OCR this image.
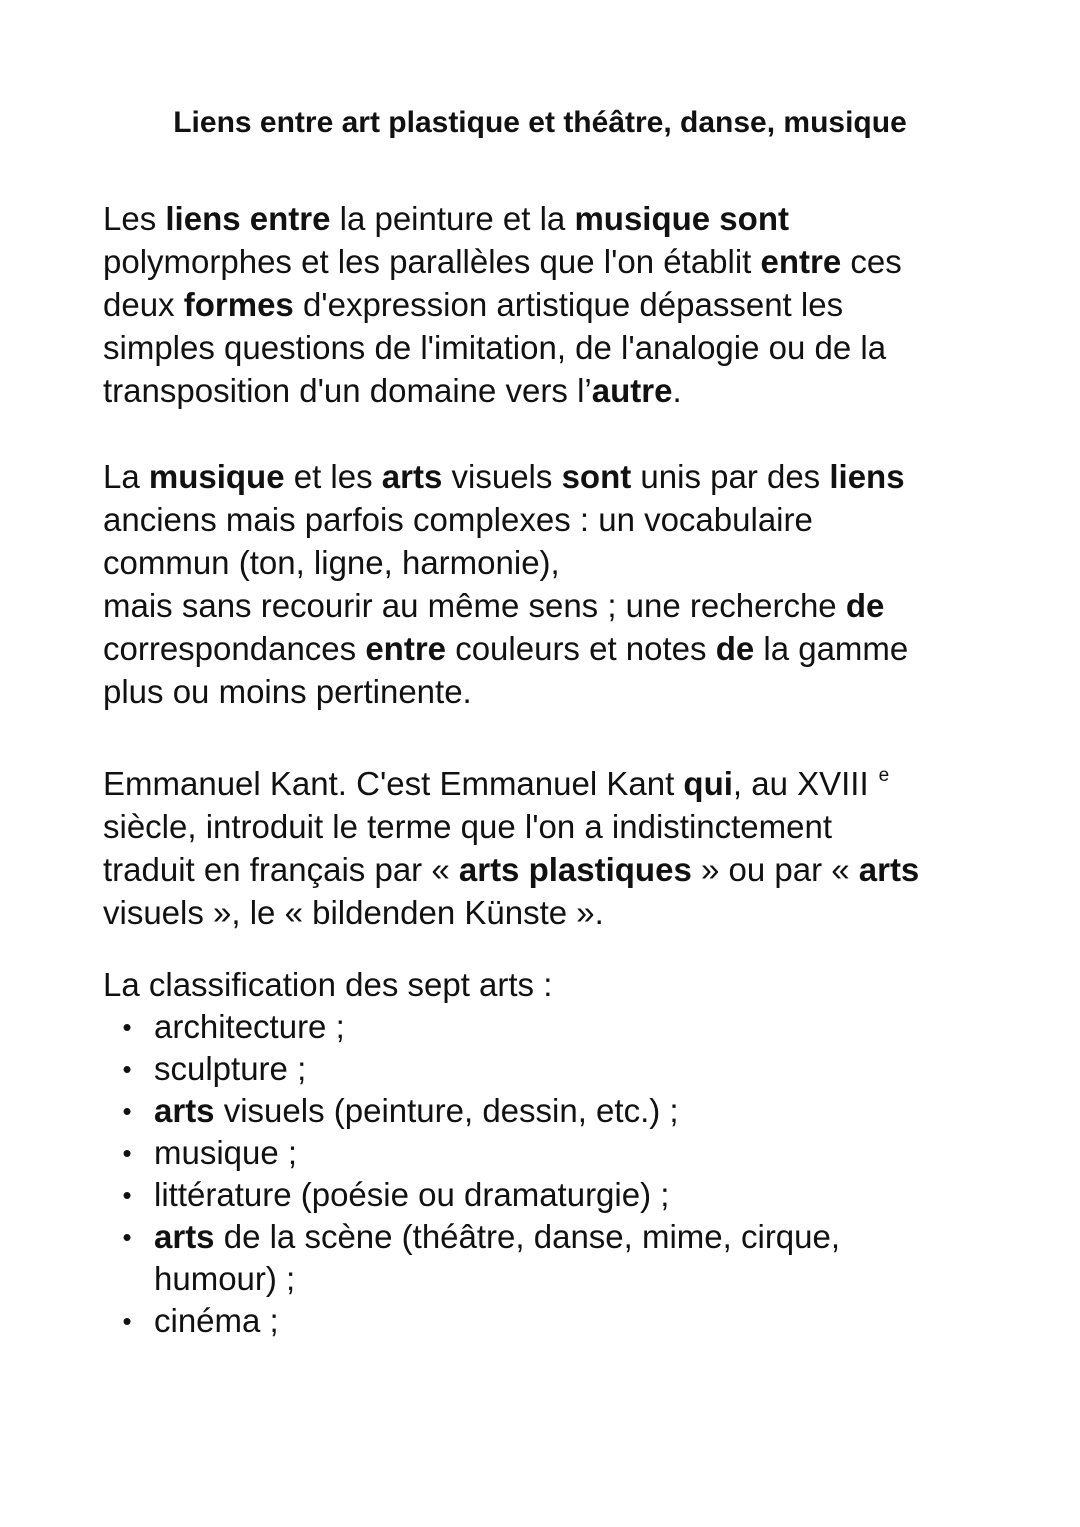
Liens entre art plastique et théâtre, danse, musique

Les liens entre la peinture et la musique sont
polymorphes et les parallèles que l'on établit entre ces
deux formes d'expression artistique dépassent les
simples questions de l'imitation, de l'analogie ou de la
transposition d'un domaine vers l’autre.

La musique et les arts visuels sont unis par des liens
anciens mais parfois complexes : un vocabulaire
commun (ton, ligne, harmonie),
mais sans recourir au même sens ; une recherche de
correspondances entre couleurs et notes de la gamme
plus ou moins pertinente.

Emmanuel Kant. C'est Emmanuel Kant qui, au XVIII $^e$
siècle, introduit le terme que l'on a indistinctement
traduit en français par « arts plastiques » ou par « arts
visuels », le « bildenden Künste ».

La classification des sept arts :

• architecture ;
• sculpture ;
• arts visuels (peinture, dessin, etc.) ;
• musique ;
• littérature (poésie ou dramaturgie) ;
• arts de la scène (théâtre, danse, mime, cirque,
humour) ;
• cinéma ;
